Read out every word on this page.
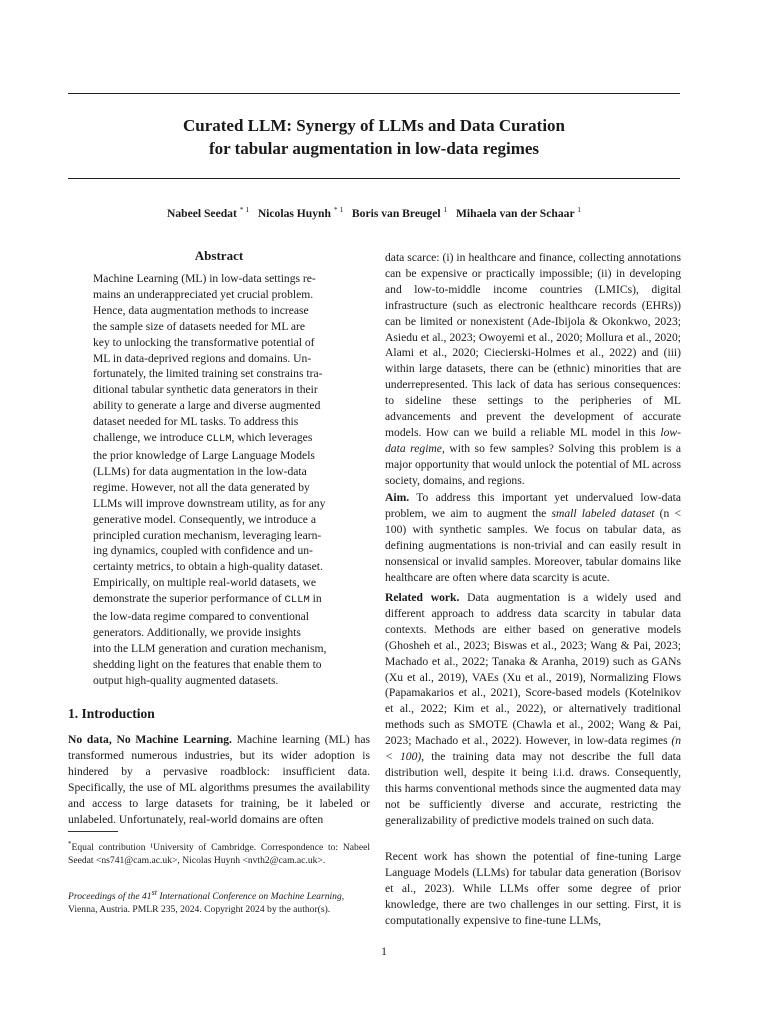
Curated LLM: Synergy of LLMs and Data Curation
for tabular augmentation in low-data regimes
Nabeel Seedat $^{* 1}$ Nicolas Huynh $^{* 1}$ Boris van Breugel $^1$ Mihaela van der Schaar $^1$
Abstract
Machine Learning (ML) in low-data settings re-
mains an underappreciated yet crucial problem.
Hence, data augmentation methods to increase
the sample size of datasets needed for ML are
key to unlocking the transformative potential of
ML in data-deprived regions and domains. Un-
fortunately, the limited training set constrains tra-
ditional tabular synthetic data generators in their
ability to generate a large and diverse augmented
dataset needed for ML tasks. To address this
challenge, we introduce CLLM, which leverages
the prior knowledge of Large Language Models
(LLMs) for data augmentation in the low-data
regime. However, not all the data generated by
LLMs will improve downstream utility, as for any
generative model. Consequently, we introduce a
principled curation mechanism, leveraging learn-
ing dynamics, coupled with confidence and un-
certainty metrics, to obtain a high-quality dataset.
Empirically, on multiple real-world datasets, we
demonstrate the superior performance of CLLM in
the low-data regime compared to conventional
generators. Additionally, we provide insights
into the LLM generation and curation mechanism,
shedding light on the features that enable them to
output high-quality augmented datasets.
1. Introduction

No data, No Machine Learning. Machine learning (ML) has transformed numerous industries, but its wider adoption is hindered by a pervasive roadblock: insufficient data. Specifically, the use of ML algorithms presumes the availability and access to large datasets for training, be it labeled or unlabeled. Unfortunately, real-world domains are often

*Equal contribution ¹University of Cambridge. Correspondence to: Nabeel Seedat <ns741@cam.ac.uk>, Nicolas Huynh <nvth2@cam.ac.uk>.
Proceedings of the 41st International Conference on Machine Learning, Vienna, Austria. PMLR 235, 2024. Copyright 2024 by the author(s).

data scarce: (i) in healthcare and finance, collecting annotations can be expensive or practically impossible; (ii) in developing and low-to-middle income countries (LMICs), digital infrastructure (such as electronic healthcare records (EHRs)) can be limited or nonexistent (Ade-Ibijola & Okonkwo, 2023; Asiedu et al., 2023; Owoyemi et al., 2020; Mollura et al., 2020; Alami et al., 2020; Ciecierski-Holmes et al., 2022) and (iii) within large datasets, there can be (ethnic) minorities that are underrepresented. This lack of data has serious consequences: to sideline these settings to the peripheries of ML advancements and prevent the development of accurate models. How can we build a reliable ML model in this low-data regime, with so few samples? Solving this problem is a major opportunity that would unlock the potential of ML across society, domains, and regions.

Aim. To address this important yet undervalued low-data problem, we aim to augment the small labeled dataset (n < 100) with synthetic samples. We focus on tabular data, as defining augmentations is non-trivial and can easily result in nonsensical or invalid samples. Moreover, tabular domains like healthcare are often where data scarcity is acute.

Related work. Data augmentation is a widely used and different approach to address data scarcity in tabular data contexts. Methods are either based on generative models (Ghosheh et al., 2023; Biswas et al., 2023; Wang & Pai, 2023; Machado et al., 2022; Tanaka & Aranha, 2019) such as GANs (Xu et al., 2019), VAEs (Xu et al., 2019), Normalizing Flows (Papamakarios et al., 2021), Score-based models (Kotelnikov et al., 2022; Kim et al., 2022), or alternatively traditional methods such as SMOTE (Chawla et al., 2002; Wang & Pai, 2023; Machado et al., 2022). However, in low-data regimes (n < 100), the training data may not describe the full data distribution well, despite it being i.i.d. draws. Consequently, this harms conventional methods since the augmented data may not be sufficiently diverse and accurate, restricting the generalizability of predictive models trained on such data.

Recent work has shown the potential of fine-tuning Large Language Models (LLMs) for tabular data generation (Borisov et al., 2023). While LLMs offer some degree of prior knowledge, there are two challenges in our setting. First, it is computationally expensive to fine-tune LLMs,

1
